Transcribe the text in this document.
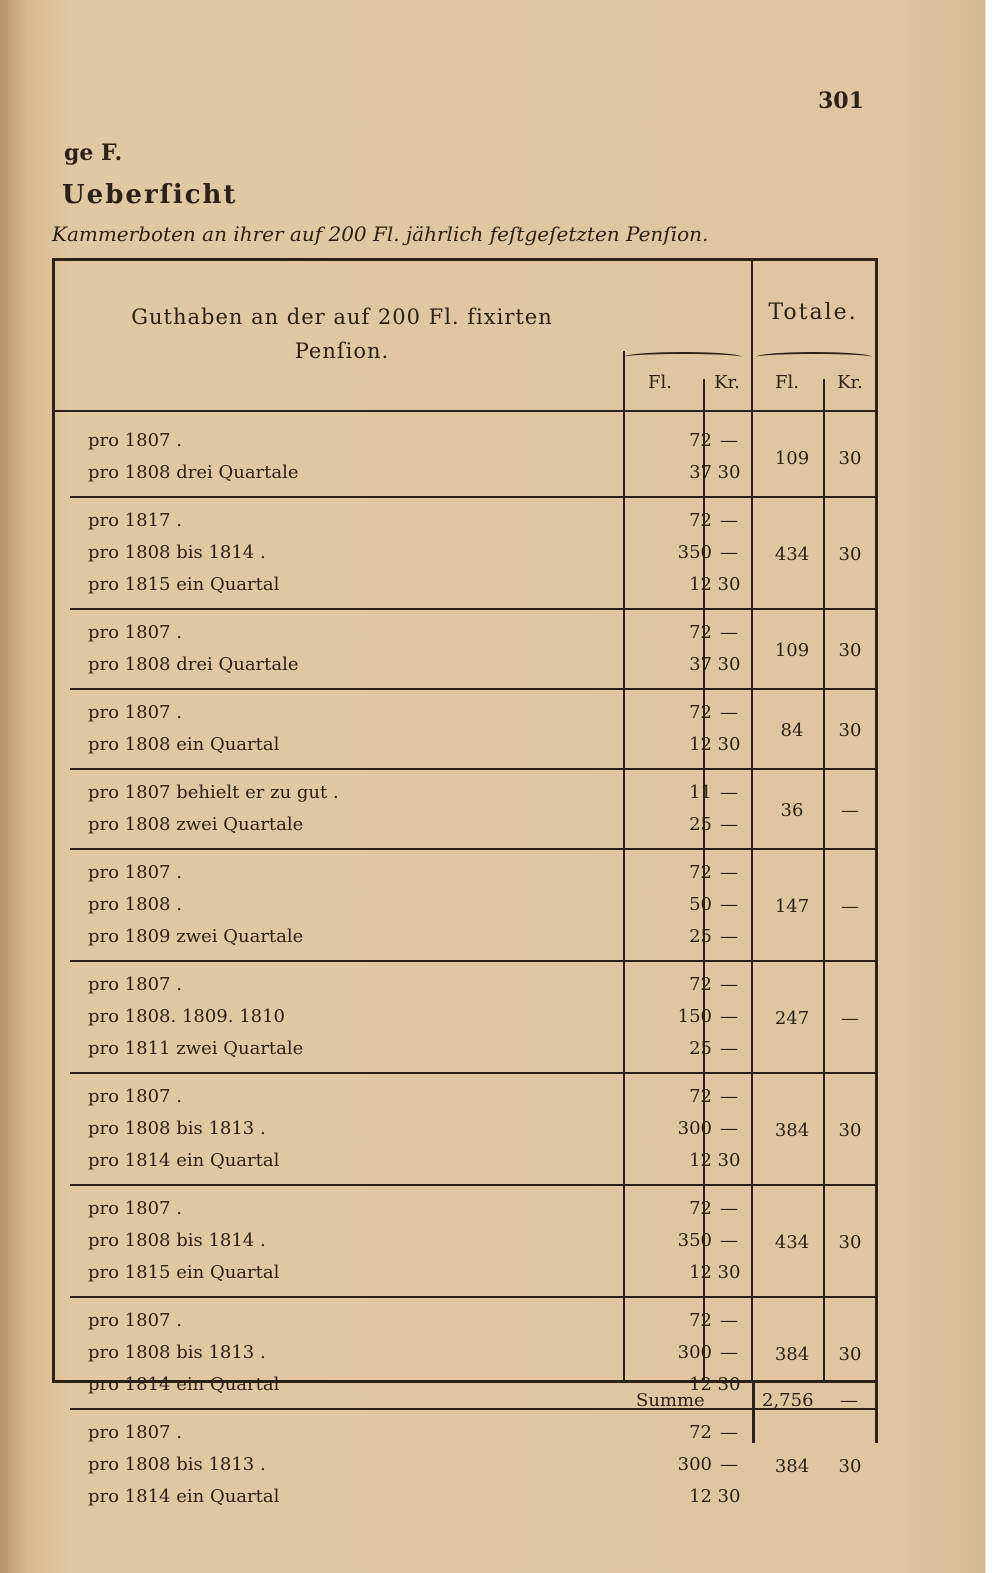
301
ge F.
Ueberſicht
Kammerboten an ihrer auf 200 Fl. jährlich feſtgeſetzten Penſion.
Guthaben an der auf 200 Fl. fixirten Penſion.
Totale.
Fl.	Kr.	Fl.	Kr.
pro 1807 .	72 —
pro 1808 drei Quartale	37 30
109	30
pro 1817 .	72 —
pro 1808 bis 1814 .	350 —
pro 1815 ein Quartal	12 30
434	30
pro 1807 .	72 —
pro 1808 drei Quartale	37 30
109	30
pro 1807 .	72 —
pro 1808 ein Quartal	12 30
84	30
pro 1807 behielt er zu gut .	11 —
pro 1808 zwei Quartale	25 —
36	—
pro 1807 .	72 —
pro 1808 .	50 —
pro 1809 zwei Quartale	25 —
147	—
pro 1807 .	72 —
pro 1808. 1809. 1810	150 —
pro 1811 zwei Quartale	25 —
247	—
pro 1807 .	72 —
pro 1808 bis 1813 .	300 —
pro 1814 ein Quartal	12 30
384	30
pro 1807 .	72 —
pro 1808 bis 1814 .	350 —
pro 1815 ein Quartal	12 30
434	30
pro 1807 .	72 —
pro 1808 bis 1813 .	300 —
pro 1814 ein Quartal	12 30
384	30
pro 1807 .	72 —
pro 1808 bis 1813 .	300 —
pro 1814 ein Quartal	12 30
384	30
Summe	2,756 —
